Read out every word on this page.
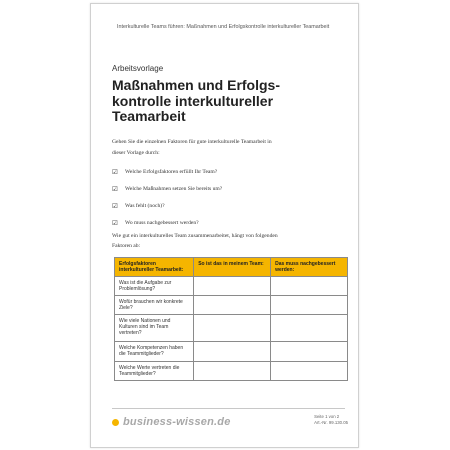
Interkulturelle Teams führen: Maßnahmen und Erfolgskontrolle interkultureller Teamarbeit
Arbeitsvorlage
Maßnahmen und Erfolgs-
kontrolle interkultureller
Teamarbeit
Gehen Sie die einzelnen Faktoren für gute interkulturelle Teamarbeit in
dieser Vorlage durch:
☑	Welche Erfolgsfaktoren erfüllt Ihr Team?
☑	Welche Maßnahmen setzen Sie bereits um?
☑	Was fehlt (noch)?
☑	Wo muss nachgebessert werden?
Wie gut ein interkulturelles Team zusammenarbeitet, hängt von folgenden
Faktoren ab:
Erfolgsfaktoren interkultureller Teamarbeit:	So ist das in meinem Team:	Das muss nachgebessert werden:
Was ist die Aufgabe zur Problemlösung?		
Wofür brauchen wir konkrete Ziele?		
Wie viele Nationen und Kulturen sind im Team vertreten?		
Welche Kompetenzen haben die Teammitglieder?		
Welche Werte vertreten die Teammitglieder?		
business-wissen.de	Seite 1 von 2
Art.-Nr. 99.130.05
